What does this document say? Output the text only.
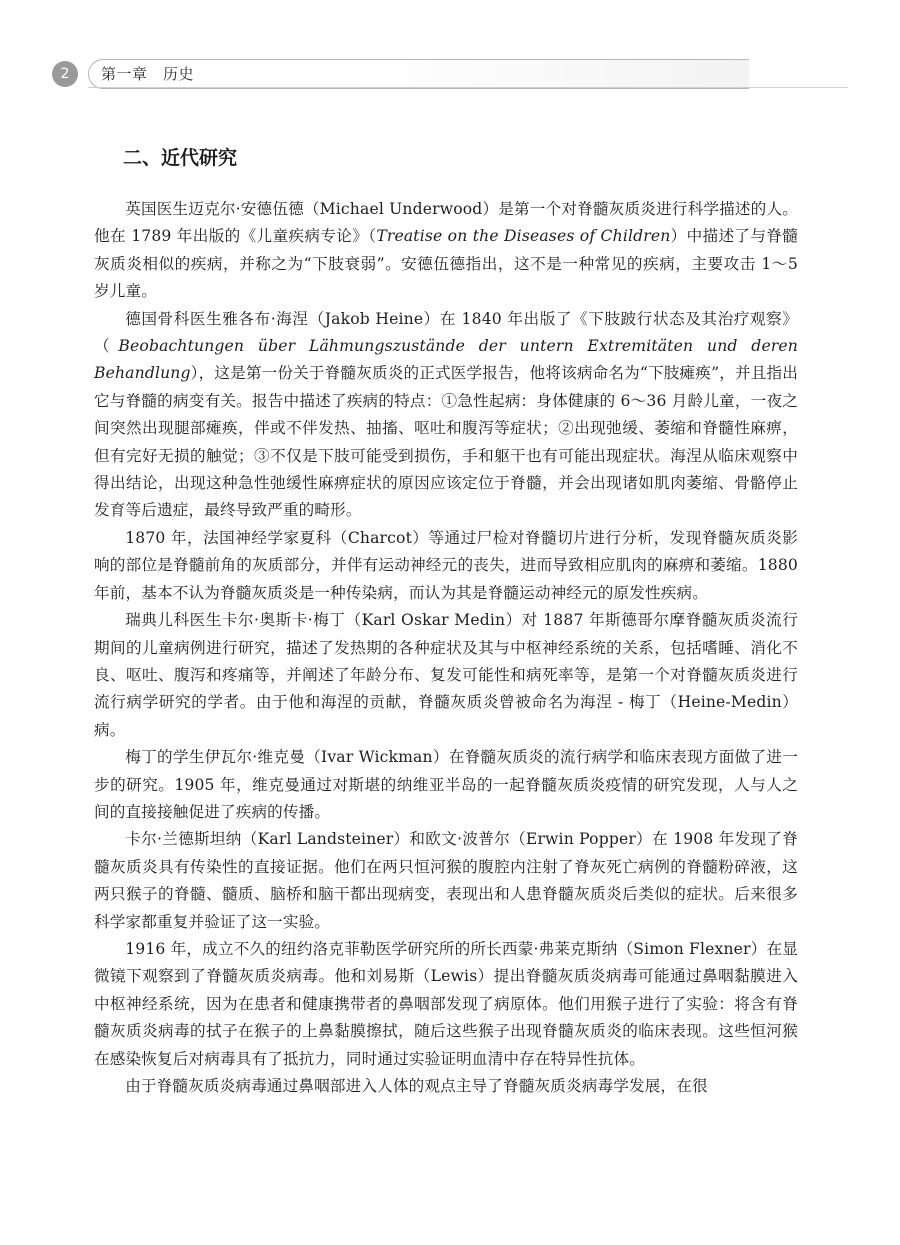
2	第一章　历史
二、近代研究

英国医生迈克尔·安德伍德（Michael Underwood）是第一个对脊髓灰质炎进行科学描述的人。他在 1789 年出版的《儿童疾病专论》（Treatise on the Diseases of Children）中描述了与脊髓灰质炎相似的疾病，并称之为“下肢衰弱”。安德伍德指出，这不是一种常见的疾病，主要攻击 1～5 岁儿童。

德国骨科医生雅各布·海涅（Jakob Heine）在 1840 年出版了《下肢跛行状态及其治疗观察》（Beobachtungen über Lähmungszustände der untern Extremitäten und deren Behandlung），这是第一份关于脊髓灰质炎的正式医学报告，他将该病命名为“下肢瘫痪”，并且指出它与脊髓的病变有关。报告中描述了疾病的特点：①急性起病：身体健康的 6～36 月龄儿童，一夜之间突然出现腿部瘫痪，伴或不伴发热、抽搐、呕吐和腹泻等症状；②出现弛缓、萎缩和脊髓性麻痹，但有完好无损的触觉；③不仅是下肢可能受到损伤，手和躯干也有可能出现症状。海涅从临床观察中得出结论，出现这种急性弛缓性麻痹症状的原因应该定位于脊髓，并会出现诸如肌肉萎缩、骨骼停止发育等后遗症，最终导致严重的畸形。

1870 年，法国神经学家夏科（Charcot）等通过尸检对脊髓切片进行分析，发现脊髓灰质炎影响的部位是脊髓前角的灰质部分，并伴有运动神经元的丧失，进而导致相应肌肉的麻痹和萎缩。1880 年前，基本不认为脊髓灰质炎是一种传染病，而认为其是脊髓运动神经元的原发性疾病。

瑞典儿科医生卡尔·奥斯卡·梅丁（Karl Oskar Medin）对 1887 年斯德哥尔摩脊髓灰质炎流行期间的儿童病例进行研究，描述了发热期的各种症状及其与中枢神经系统的关系，包括嗜睡、消化不良、呕吐、腹泻和疼痛等，并阐述了年龄分布、复发可能性和病死率等，是第一个对脊髓灰质炎进行流行病学研究的学者。由于他和海涅的贡献，脊髓灰质炎曾被命名为海涅 - 梅丁（Heine-Medin）病。

梅丁的学生伊瓦尔·维克曼（Ivar Wickman）在脊髓灰质炎的流行病学和临床表现方面做了进一步的研究。1905 年，维克曼通过对斯堪的纳维亚半岛的一起脊髓灰质炎疫情的研究发现，人与人之间的直接接触促进了疾病的传播。

卡尔·兰德斯坦纳（Karl Landsteiner）和欧文·波普尔（Erwin Popper）在 1908 年发现了脊髓灰质炎具有传染性的直接证据。他们在两只恒河猴的腹腔内注射了脊灰死亡病例的脊髓粉碎液，这两只猴子的脊髓、髓质、脑桥和脑干都出现病变，表现出和人患脊髓灰质炎后类似的症状。后来很多科学家都重复并验证了这一实验。

1916 年，成立不久的纽约洛克菲勒医学研究所的所长西蒙·弗莱克斯纳（Simon Flexner）在显微镜下观察到了脊髓灰质炎病毒。他和刘易斯（Lewis）提出脊髓灰质炎病毒可能通过鼻咽黏膜进入中枢神经系统，因为在患者和健康携带者的鼻咽部发现了病原体。他们用猴子进行了实验：将含有脊髓灰质炎病毒的拭子在猴子的上鼻黏膜擦拭，随后这些猴子出现脊髓灰质炎的临床表现。这些恒河猴在感染恢复后对病毒具有了抵抗力，同时通过实验证明血清中存在特异性抗体。

由于脊髓灰质炎病毒通过鼻咽部进入人体的观点主导了脊髓灰质炎病毒学发展，在很
